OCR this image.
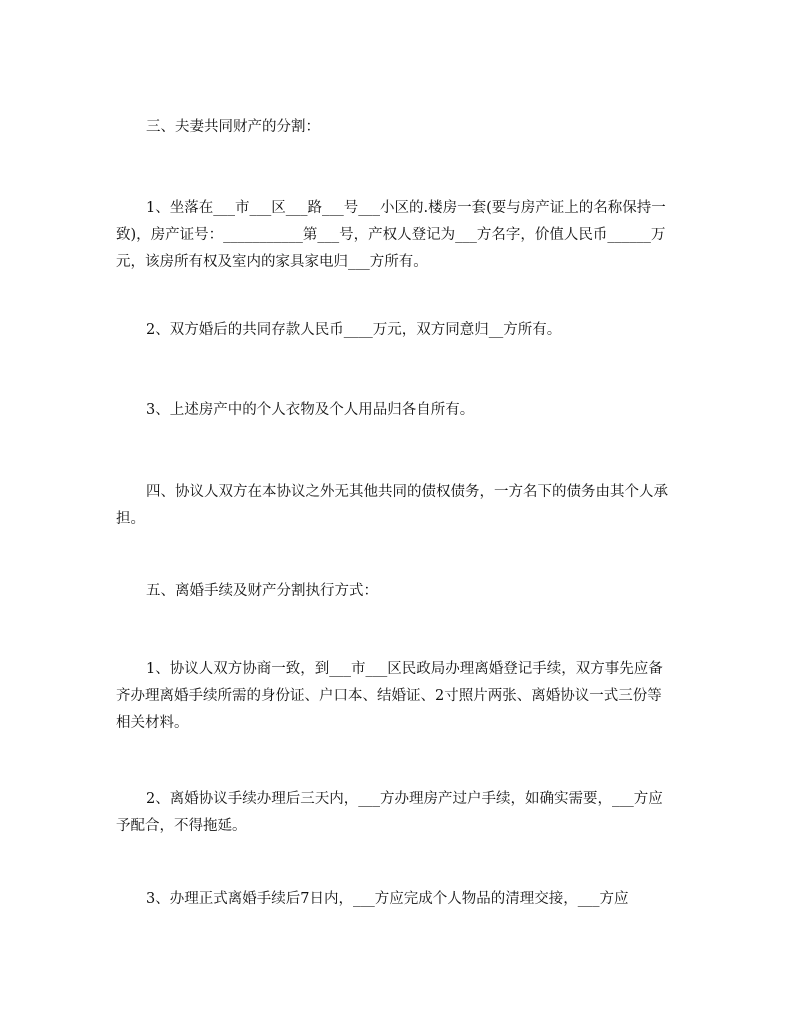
三、夫妻共同财产的分割：

1、坐落在___市___区___路___号___小区的.楼房一套(要与房产证上的名称保持一致)，房产证号：___________第___号，产权人登记为___方名字，价值人民币______万元，该房所有权及室内的家具家电归___方所有。

2、双方婚后的共同存款人民币____万元，双方同意归__方所有。

3、上述房产中的个人衣物及个人用品归各自所有。

四、协议人双方在本协议之外无其他共同的债权债务，一方名下的债务由其个人承担。

五、离婚手续及财产分割执行方式：

1、协议人双方协商一致，到___市___区民政局办理离婚登记手续，双方事先应备齐办理离婚手续所需的身份证、户口本、结婚证、2寸照片两张、离婚协议一式三份等相关材料。

2、离婚协议手续办理后三天内，___方办理房产过户手续，如确实需要，___方应予配合，不得拖延。

3、办理正式离婚手续后7日内，___方应完成个人物品的清理交接，___方应
